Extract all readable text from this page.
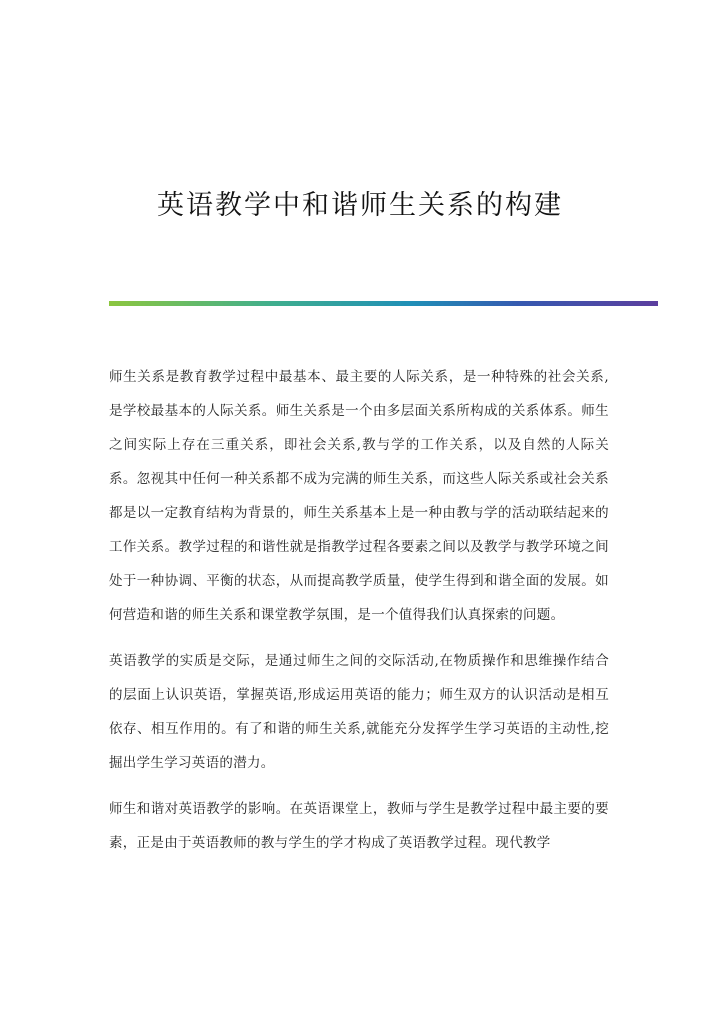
英语教学中和谐师生关系的构建

师生关系是教育教学过程中最基本、最主要的人际关系，是一种特殊的社会关系,是学校最基本的人际关系。师生关系是一个由多层面关系所构成的关系体系。师生之间实际上存在三重关系，即社会关系,教与学的工作关系，以及自然的人际关系。忽视其中任何一种关系都不成为完满的师生关系，而这些人际关系或社会关系都是以一定教育结构为背景的，师生关系基本上是一种由教与学的活动联结起来的工作关系。教学过程的和谐性就是指教学过程各要素之间以及教学与教学环境之间处于一种协调、平衡的状态，从而提高教学质量，使学生得到和谐全面的发展。如何营造和谐的师生关系和课堂教学氛围，是一个值得我们认真探索的问题。

英语教学的实质是交际，是通过师生之间的交际活动,在物质操作和思维操作结合的层面上认识英语，掌握英语,形成运用英语的能力；师生双方的认识活动是相互依存、相互作用的。有了和谐的师生关系,就能充分发挥学生学习英语的主动性,挖掘出学生学习英语的潜力。

师生和谐对英语教学的影响。在英语课堂上，教师与学生是教学过程中最主要的要素，正是由于英语教师的教与学生的学才构成了英语教学过程。现代教学
